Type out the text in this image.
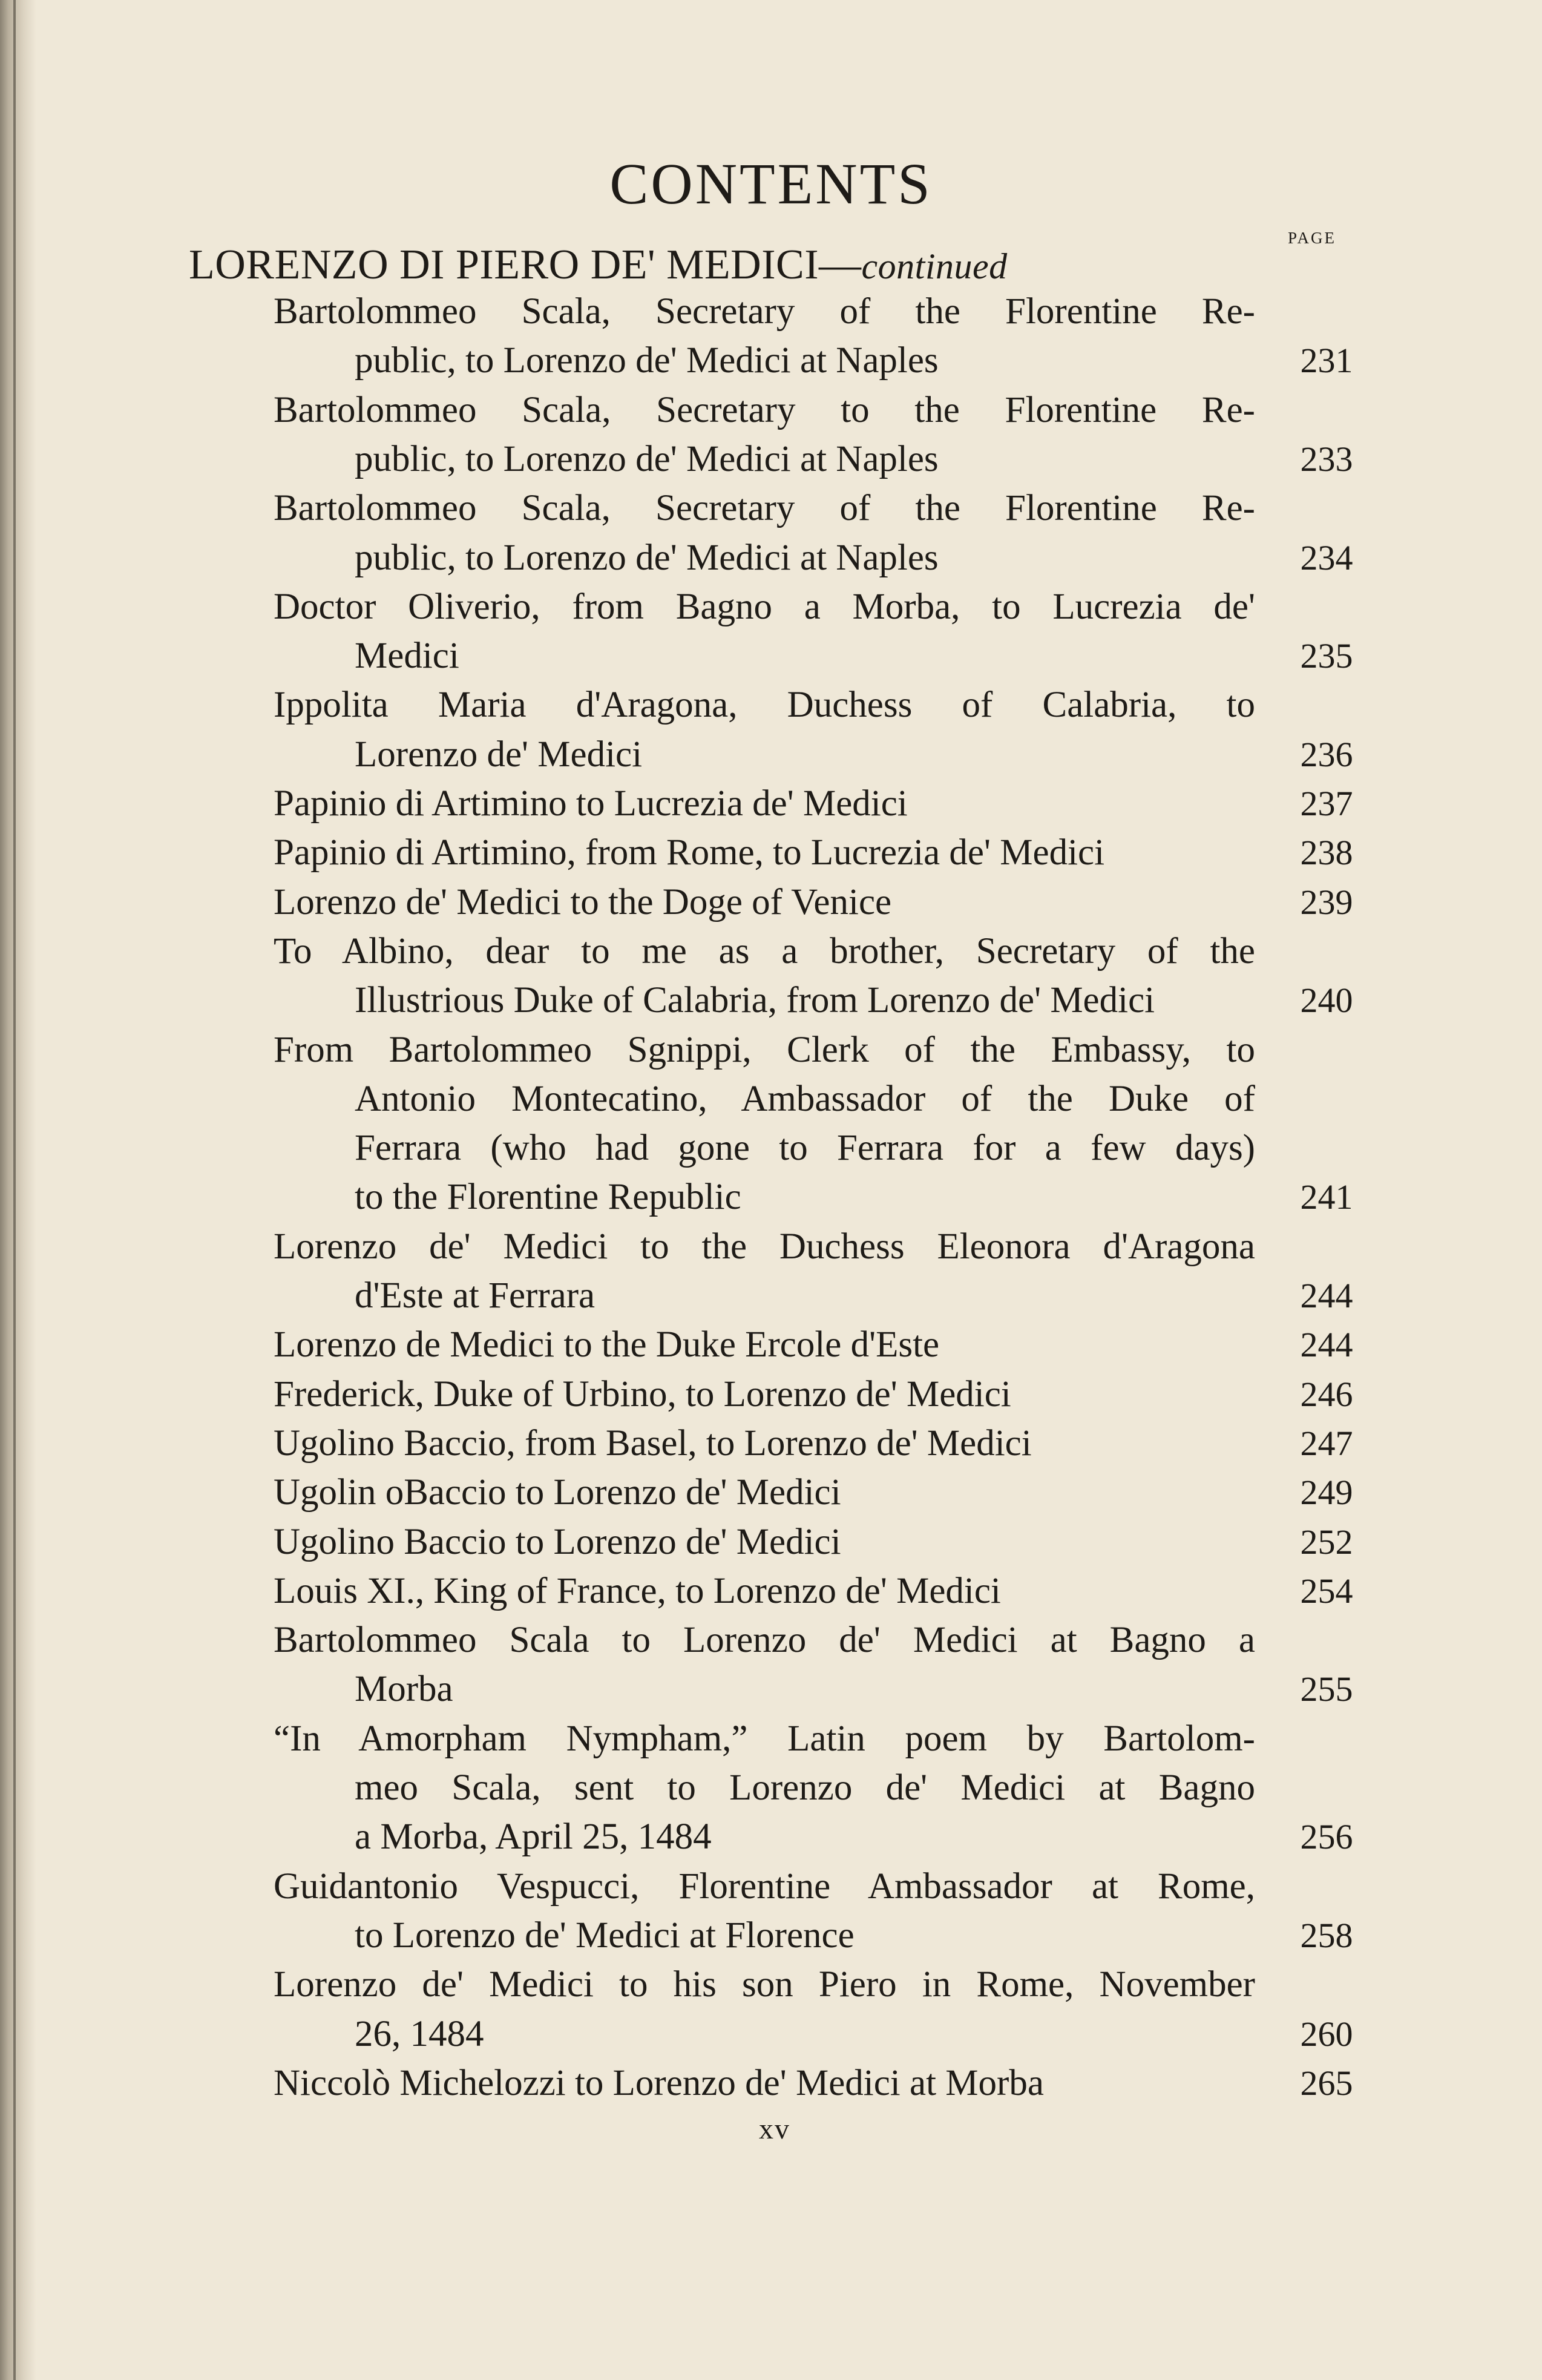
CONTENTS
PAGE
LORENZO DI PIERO DE' MEDICI—continued
Bartolommeo Scala, Secretary of the Florentine Re-
public, to Lorenzo de' Medici at Naples	231
Bartolommeo Scala, Secretary to the Florentine Re-
public, to Lorenzo de' Medici at Naples	233
Bartolommeo Scala, Secretary of the Florentine Re-
public, to Lorenzo de' Medici at Naples	234
Doctor Oliverio, from Bagno a Morba, to Lucrezia de'
Medici	235
Ippolita Maria d'Aragona, Duchess of Calabria, to
Lorenzo de' Medici	236
Papinio di Artimino to Lucrezia de' Medici	237
Papinio di Artimino, from Rome, to Lucrezia de' Medici	238
Lorenzo de' Medici to the Doge of Venice	239
To Albino, dear to me as a brother, Secretary of the
Illustrious Duke of Calabria, from Lorenzo de' Medici	240
From Bartolommeo Sgnippi, Clerk of the Embassy, to
Antonio Montecatino, Ambassador of the Duke of
Ferrara (who had gone to Ferrara for a few days)
to the Florentine Republic	241
Lorenzo de' Medici to the Duchess Eleonora d'Aragona
d'Este at Ferrara	244
Lorenzo de Medici to the Duke Ercole d'Este	244
Frederick, Duke of Urbino, to Lorenzo de' Medici	246
Ugolino Baccio, from Basel, to Lorenzo de' Medici	247
Ugolin oBaccio to Lorenzo de' Medici	249
Ugolino Baccio to Lorenzo de' Medici	252
Louis XI., King of France, to Lorenzo de' Medici	254
Bartolommeo Scala to Lorenzo de' Medici at Bagno a
Morba	255
“In Amorpham Nympham,” Latin poem by Bartolom-
meo Scala, sent to Lorenzo de' Medici at Bagno
a Morba, April 25, 1484	256
Guidantonio Vespucci, Florentine Ambassador at Rome,
to Lorenzo de' Medici at Florence	258
Lorenzo de' Medici to his son Piero in Rome, November
26, 1484	260
Niccolò Michelozzi to Lorenzo de' Medici at Morba	265
xv
